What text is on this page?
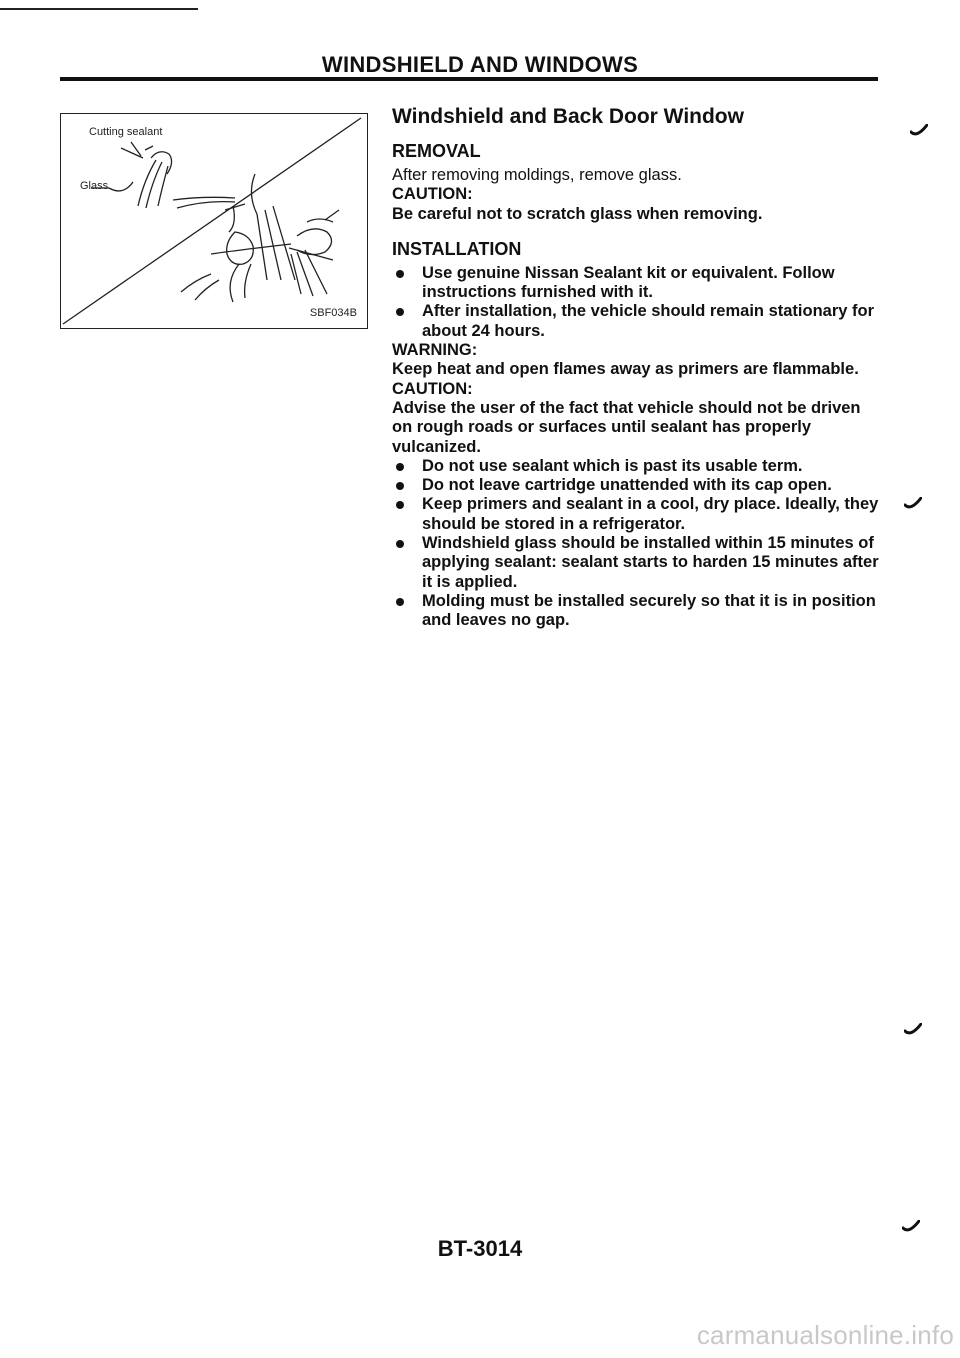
WINDSHIELD AND WINDOWS
Cutting sealant
Glass
SBF034B
Windshield and Back Door Window
REMOVAL

After removing moldings, remove glass.

CAUTION:

Be careful not to scratch glass when removing.

INSTALLATION
Use genuine Nissan Sealant kit or equivalent. Follow instructions furnished with it.
After installation, the vehicle should remain stationary for about 24 hours.

WARNING:

Keep heat and open flames away as primers are flammable.

CAUTION:

Advise the user of the fact that vehicle should not be driven on rough roads or surfaces until sealant has properly vulcanized.

Do not use sealant which is past its usable term.
Do not leave cartridge unattended with its cap open.
Keep primers and sealant in a cool, dry place. Ideally, they should be stored in a refrigerator.
Windshield glass should be installed within 15 minutes of applying sealant: sealant starts to harden 15 minutes after it is applied.
Molding must be installed securely so that it is in position and leaves no gap.
BT-3014
carmanualsonline.info
